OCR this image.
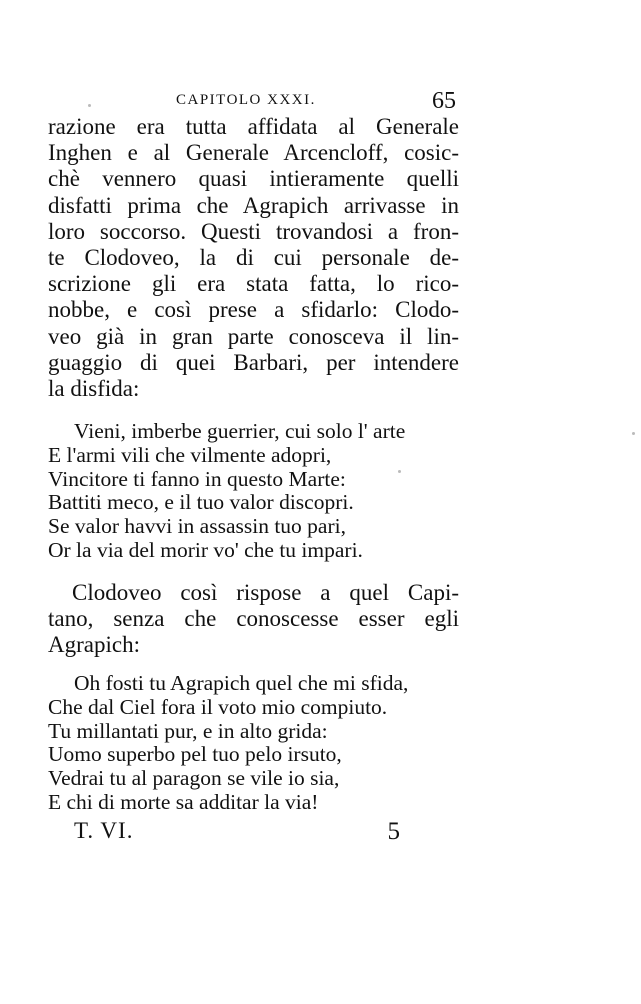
CAPITOLO XXXI.	65
razione era tutta affidata al Generale
Inghen e al Generale Arcencloff, cosic-
chè vennero quasi intieramente quelli
disfatti prima che Agrapich arrivasse in
loro soccorso. Questi trovandosi a fron-
te Clodoveo, la di cui personale de-
scrizione gli era stata fatta, lo rico-
nobbe, e così prese a sfidarlo: Clodo-
veo già in gran parte conosceva il lin-
guaggio di quei Barbari, per intendere
la disfida:
Vieni, imberbe guerrier, cui solo l' arte
E l'armi vili che vilmente adopri,
Vincitore ti fanno in questo Marte:
Battiti meco, e il tuo valor discopri.
Se valor havvi in assassin tuo pari,
Or la via del morir vo' che tu impari.
Clodoveo così rispose a quel Capi-
tano, senza che conoscesse esser egli
Agrapich:
Oh fosti tu Agrapich quel che mi sfida,
Che dal Ciel fora il voto mio compiuto.
Tu millantati pur, e in alto grida:
Uomo superbo pel tuo pelo irsuto,
Vedrai tu al paragon se vile io sia,
E chi di morte sa additar la via!
T. VI.	5
